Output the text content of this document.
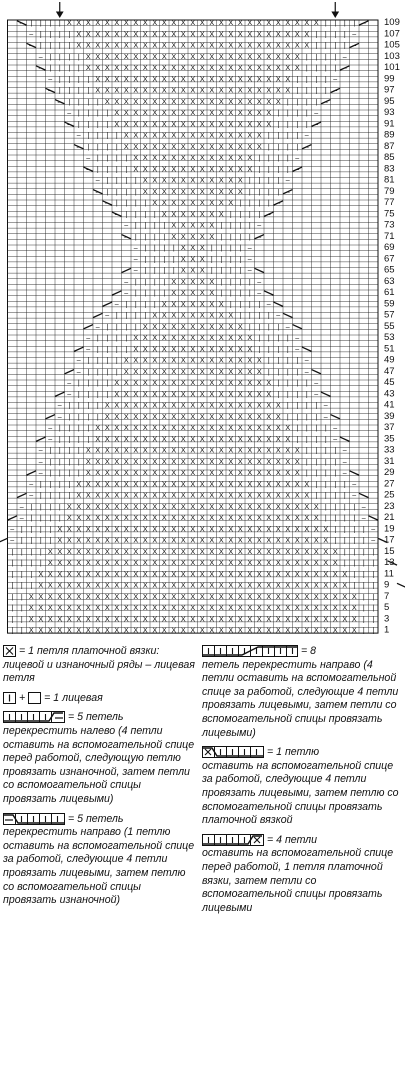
| | X X X X X X X X X X X X X X X X X X X X X X X X X X X X X X X X X X X | |
| | X X X X X X X X X X X X X X X X X X X X X X X X X X X X X X X X X X X | |
| | X X X X X X X X X X X X X X X X X X X X X X X X X X X X X X X X X X X | |
| | X X X X X X X X X X X X X X X X X X X X X X X X X X X X X X X X X X X | |
| | | X X X X X X X X X X X X X X X X X X X X X X X X X X X X X X X X X | | |
| | | X X X X X X X X X X X X X X X X X X X X X X X X X X X X X X X X X | | |
| | | | X X X X X X X X X X X X X X X X X X X X X X X X X X X X X X X | | | |
| | | | X X X X X X X X X X X X X X X X X X X X X X X X X X X X X X X | | | |
– | | | | X X X X X X X X X X X X X X X X X X X X X X X X X X X X X | | | | –
– | | | | X X X X X X X X X X X X X X X X X X X X X X X X X X X X X | | | | –
– | | | | X X X X X X X X X X X X X X X X X X X X X X X X X X X | | | | –
– | | | | X X X X X X X X X X X X X X X X X X X X X X X X X X X | | | | –
– | | | | X X X X X X X X X X X X X X X X X X X X X X X X X | | | | –
– | | | | X X X X X X X X X X X X X X X X X X X X X X X X X | | | | –
– | | | | X X X X X X X X X X X X X X X X X X X X X X X | | | | –
– | | | | X X X X X X X X X X X X X X X X X X X X X X X | | | | –
– | | | | X X X X X X X X X X X X X X X X X X X X X X X | | | | –
– | | | | X X X X X X X X X X X X X X X X X X X X X | | | | –
– | | | | X X X X X X X X X X X X X X X X X X X X X | | | | –
– | | | | X X X X X X X X X X X X X X X X X X X | | | | –
– | | | | X X X X X X X X X X X X X X X X X X X | | | | –
– | | | | X X X X X X X X X X X X X X X X X | | | | –
– | | | | X X X X X X X X X X X X X X X X X | | | | –
– | | | | X X X X X X X X X X X X X X X | | | | –
– | | | | X X X X X X X X X X X X X X X | | | | –
– | | | | X X X X X X X X X X X X X | | | | –
– | | | | X X X X X X X X X X X X X | | | | –
– | | | | X X X X X X X X X X X | | | | –
– | | | | X X X X X X X X X | | | | –
– | | | | X X X X X X X | | | | –
– | | | | X X X X X | | | | –
– | | | | X X X X X | | | | –
– | | | | X X X | | | | –
– | | | | X X X | | | | –
– | | | | X X X | | | | –
– | | | | X X X X X | | | | –
– | | | | X X X X X | | | | –
– | | | | X X X X X X X | | | | –
– | | | | X X X X X X X X X | | | | –
– | | | | X X X X X X X X X X X | | | | –
– | | | | X X X X X X X X X X X | | | | –
– | | | | X X X X X X X X X X X X X | | | | –
– | | | | X X X X X X X X X X X X X | | | | –
– | | | | X X X X X X X X X X X X X X X | | | | –
– | | | | X X X X X X X X X X X X X X X | | | | –
– | | | | X X X X X X X X X X X X X X X X X | | | | –
– | | | | X X X X X X X X X X X X X X X X X | | | | –
– | | | | X X X X X X X X X X X X X X X X X X X | | | | –
– | | | | X X X X X X X X X X X X X X X X X X X X X | | | | –
– | | | | X X X X X X X X X X X X X X X X X X X X X | | | | –
– | | | | X X X X X X X X X X X X X X X X X X X X X X X | | | | –
– | | | | X X X X X X X X X X X X X X X X X X X X X X X | | | | –
– | | | | X X X X X X X X X X X X X X X X X X X X X X X X X | | | | –
– | | | | X X X X X X X X X X X X X X X X X X X X X X X X X | | | | –
– | | | | X X X X X X X X X X X X X X X X X X X X X X X X X X X | | | | – 109
107
105
103
101
99
97
95
93
91
89
87
85
83
81
79
77
75
73
71
69
67
65
63
61
59
57
55
53
51
49
47
45
43
41
39
37
35
33
31
29
27
25
23
21
19
17
15
13
11
9
7
5
3
1

= 1 петля платочной вязки: лицевой и изнаночный ряды – лицевая петля

+ = 1 лицевая

= 5 петель

перекрестить налево (4 петли оставить на вспомогательной спице перед работой, следующую петлю провязать изнаночной, затем петли со вспомогательной спицы провязать лицевыми)

= 5 петель

перекрестить направо (1 петлю оставить на вспомогательной спице за работой, следующие 4 петли провязать лицевыми, затем петлю со вспомогательной спицы провязать изнаночной)

= 8

петель перекрестить направо (4 петли оставить на вспомогательной спице за работой, следующие 4 петли провязать лицевыми, затем петли со вспомогательной спицы провязать лицевыми)

= 1 петлю

оставить на вспомогательной спице за работой, следующие 4 петли провязать лицевыми, затем петлю со вспомогательной спицы провязать платочной вязкой

= 4 петли

оставить на вспомогательной спице перед работой, 1 петля платочной вязки, затем петли со вспомогательной спицы провязать лицевыми
